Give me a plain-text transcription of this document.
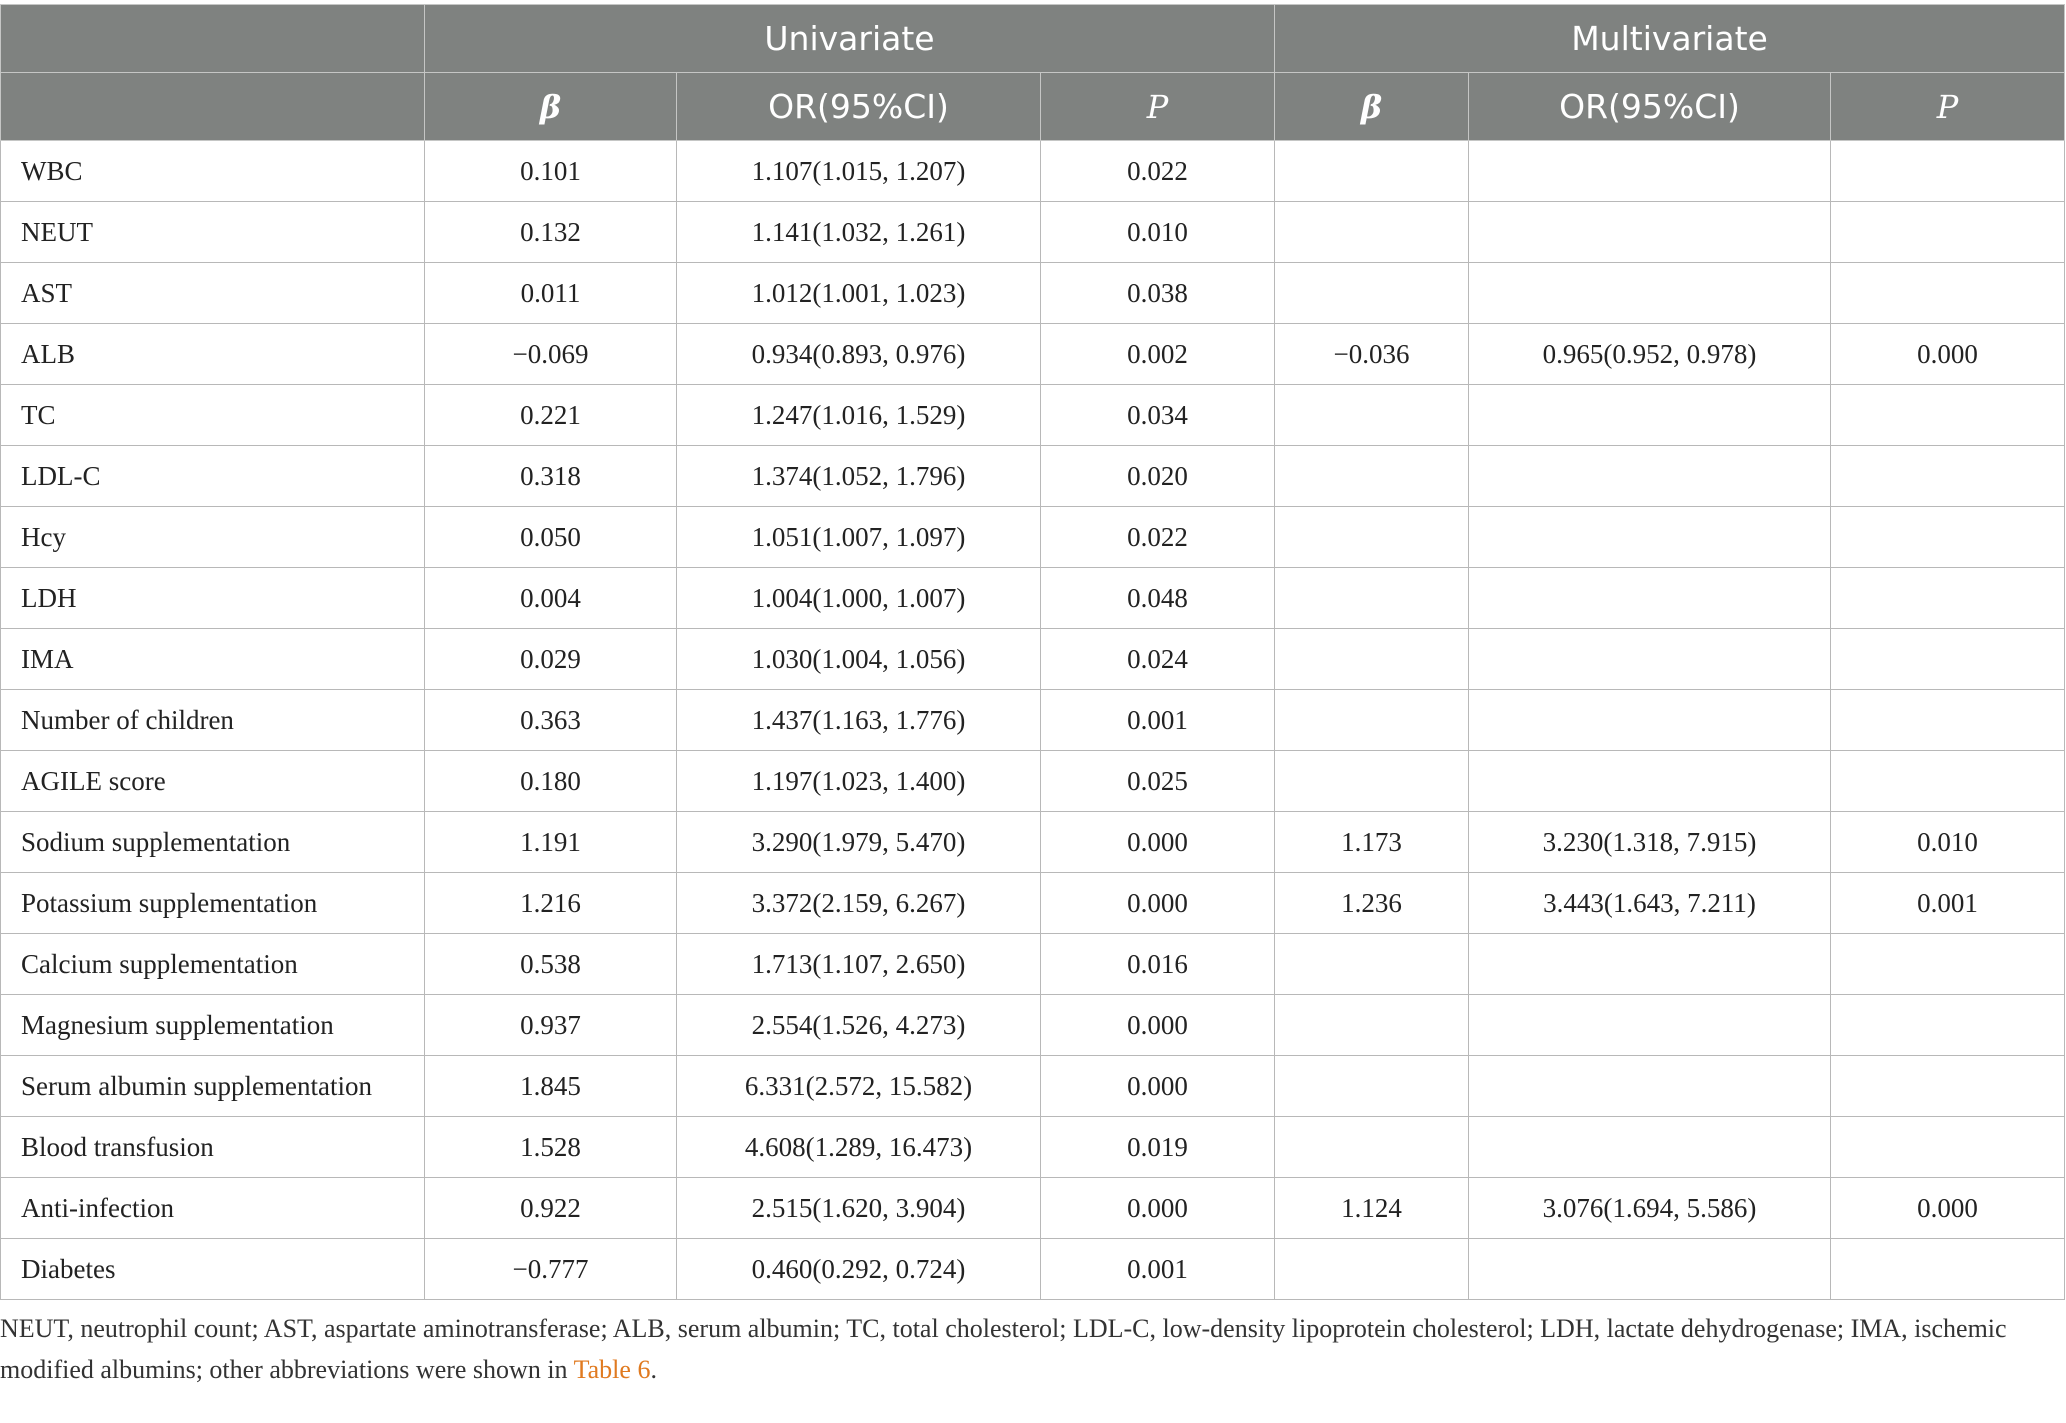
	Univariate			Multivariate		
	β	OR(95%CI)	P	β	OR(95%CI)	P
WBC	0.101	1.107(1.015, 1.207)	0.022			
NEUT	0.132	1.141(1.032, 1.261)	0.010			
AST	0.011	1.012(1.001, 1.023)	0.038			
ALB	−0.069	0.934(0.893, 0.976)	0.002	−0.036	0.965(0.952, 0.978)	0.000
TC	0.221	1.247(1.016, 1.529)	0.034			
LDL-C	0.318	1.374(1.052, 1.796)	0.020			
Hcy	0.050	1.051(1.007, 1.097)	0.022			
LDH	0.004	1.004(1.000, 1.007)	0.048			
IMA	0.029	1.030(1.004, 1.056)	0.024			
Number of children	0.363	1.437(1.163, 1.776)	0.001			
AGILE score	0.180	1.197(1.023, 1.400)	0.025			
Sodium supplementation	1.191	3.290(1.979, 5.470)	0.000	1.173	3.230(1.318, 7.915)	0.010
Potassium supplementation	1.216	3.372(2.159, 6.267)	0.000	1.236	3.443(1.643, 7.211)	0.001
Calcium supplementation	0.538	1.713(1.107, 2.650)	0.016			
Magnesium supplementation	0.937	2.554(1.526, 4.273)	0.000			
Serum albumin supplementation	1.845	6.331(2.572, 15.582)	0.000			
Blood transfusion	1.528	4.608(1.289, 16.473)	0.019			
Anti-infection	0.922	2.515(1.620, 3.904)	0.000	1.124	3.076(1.694, 5.586)	0.000
Diabetes	−0.777	0.460(0.292, 0.724)	0.001			
NEUT, neutrophil count; AST, aspartate aminotransferase; ALB, serum albumin; TC, total cholesterol; LDL-C, low-density lipoprotein cholesterol; LDH, lactate dehydrogenase; IMA, ischemic modified albumins; other abbreviations were shown in Table 6.
